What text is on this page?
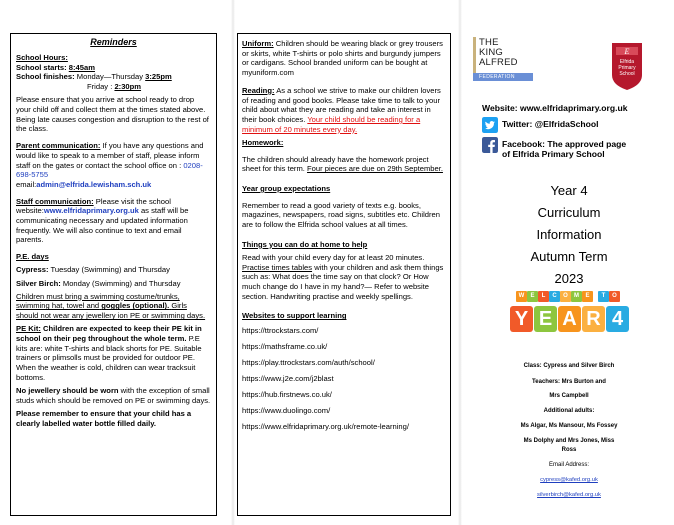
Reminders
School Hours:
School starts: 8:45am
School finishes: Monday—Thursday 3:25pm
Friday : 2:30pm
Please ensure that you arrive at school ready to drop your child off and collect them at the times stated above. Being late causes congestion and disruption to the rest of the class.
Parent communication: If you have any questions and would like to speak to a member of staff, please inform staff on the gates or contact the school office on : 0208-698-5755
email:admin@elfrida.lewisham.sch.uk
Staff communication: Please visit the school website:www.elfridaprimary.org.uk as staff will be communicating necessary and updated information frequently. We will also continue to text and email parents.
P.E. days
Cypress: Tuesday (Swimming) and Thursday
Silver Birch: Monday (Swimming) and Thursday
Children must bring a swimming costume/trunks, swimming hat, towel and goggles (optional). Girls should not wear any jewellery ion PE or swimming days.
PE Kit: Children are expected to keep their PE kit in school on their peg throughout the whole term. P.E kits are: white T-shirts and black shorts for PE. Suitable trainers or plimsolls must be provided for outdoor PE. When the weather is cold, children can wear tracksuit bottoms.
No jewellery should be worn with the exception of small studs which should be removed on PE or swimming days.
Please remember to ensure that your child has a clearly labelled water bottle filled daily.
Uniform: Children should be wearing black or grey trousers or skirts, white T-shirts or polo shirts and burgundy jumpers or cardigans. School branded uniform can be bought at myuniform.com
Reading: As a school we strive to make our children lovers of reading and good books. Please take time to talk to your child about what they are reading and take an interest in their book choices. Your child should be reading for a minimum of 20 minutes every day.
Homework:
The children should already have the homework project sheet for this term. Four pieces are due on 29th September.
Year group expectations
Remember to read a good variety of texts e.g. books, magazines, newspapers, road signs, subtitles etc. Children are to follow the Elfrida school values at all times.
Things you can do at home to help
Read with your child every day for at least 20 minutes. Practise times tables with your children and ask them things such as: What does the time say on that clock? Or How much change do I have in my hand?— Refer to website section. Handwriting practise and weekly spellings.
Websites to support learning
https://ttrockstars.com/
https://mathsframe.co.uk/
https://play.ttrockstars.com/auth/school/
https://www.j2e.com/j2blast
https://hub.firstnews.co.uk/
https://www.duolingo.com/
https://www.elfridaprimary.org.uk/remote-learning/
THE
KING
ALFRED
FEDERATION
E
Elfrida
Primary
School
Website: www.elfridaprimary.org.uk
Twitter: @ElfridaSchool
Facebook: The approved page
of Elfrida Primary School
Year 4
Curriculum
Information
Autumn Term
2023
W	E	L	C	O	M	E	T	O
Y E A R 4
Class: Cypress and Silver Birch
Teachers: Mrs Burton and
Mrs Campbell
Additional adults:
Ms Algar, Ms Mansour, Ms Fossey
Ms Dolphy and Mrs Jones, Miss
Ross
Email Address:
cypress@kafed.org.uk
silverbirch@kafed.org.uk
